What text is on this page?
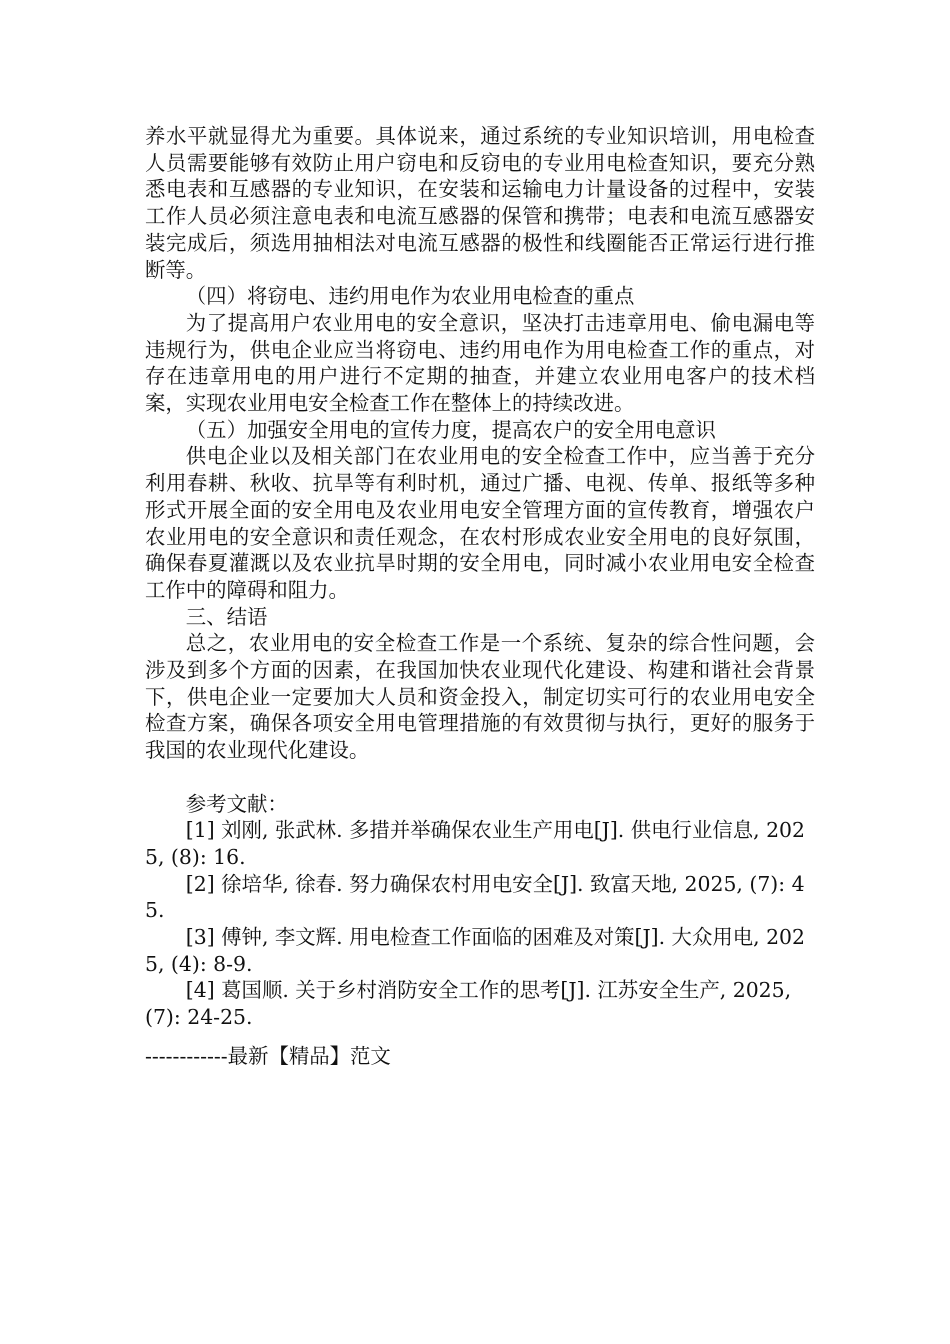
养水平就显得尤为重要。具体说来，通过系统的专业知识培训，用电检查人员需要能够有效防止用户窃电和反窃电的专业用电检查知识，要充分熟悉电表和互感器的专业知识，在安装和运输电力计量设备的过程中，安装工作人员必须注意电表和电流互感器的保管和携带；电表和电流互感器安装完成后，须选用抽相法对电流互感器的极性和线圈能否正常运行进行推断等。

（四）将窃电、违约用电作为农业用电检查的重点

为了提高用户农业用电的安全意识，坚决打击违章用电、偷电漏电等违规行为，供电企业应当将窃电、违约用电作为用电检查工作的重点，对存在违章用电的用户进行不定期的抽查，并建立农业用电客户的技术档案，实现农业用电安全检查工作在整体上的持续改进。

（五）加强安全用电的宣传力度，提高农户的安全用电意识

供电企业以及相关部门在农业用电的安全检查工作中，应当善于充分利用春耕、秋收、抗旱等有利时机，通过广播、电视、传单、报纸等多种形式开展全面的安全用电及农业用电安全管理方面的宣传教育，增强农户农业用电的安全意识和责任观念，在农村形成农业安全用电的良好氛围，确保春夏灌溉以及农业抗旱时期的安全用电，同时减小农业用电安全检查工作中的障碍和阻力。

三、结语

总之，农业用电的安全检查工作是一个系统、复杂的综合性问题，会涉及到多个方面的因素，在我国加快农业现代化建设、构建和谐社会背景下，供电企业一定要加大人员和资金投入，制定切实可行的农业用电安全检查方案，确保各项安全用电管理措施的有效贯彻与执行，更好的服务于我国的农业现代化建设。

参考文献：

[1] 刘刚, 张武林. 多措并举确保农业生产用电[J]. 供电行业信息, 2025, (8): 16.

[2] 徐培华, 徐春. 努力确保农村用电安全[J]. 致富天地, 2025, (7): 45.

[3] 傅钟, 李文辉. 用电检查工作面临的困难及对策[J]. 大众用电, 2025, (4): 8-9.

[4] 葛国顺. 关于乡村消防安全工作的思考[J]. 江苏安全生产, 2025, (7): 24-25.

------------最新【精品】范文
